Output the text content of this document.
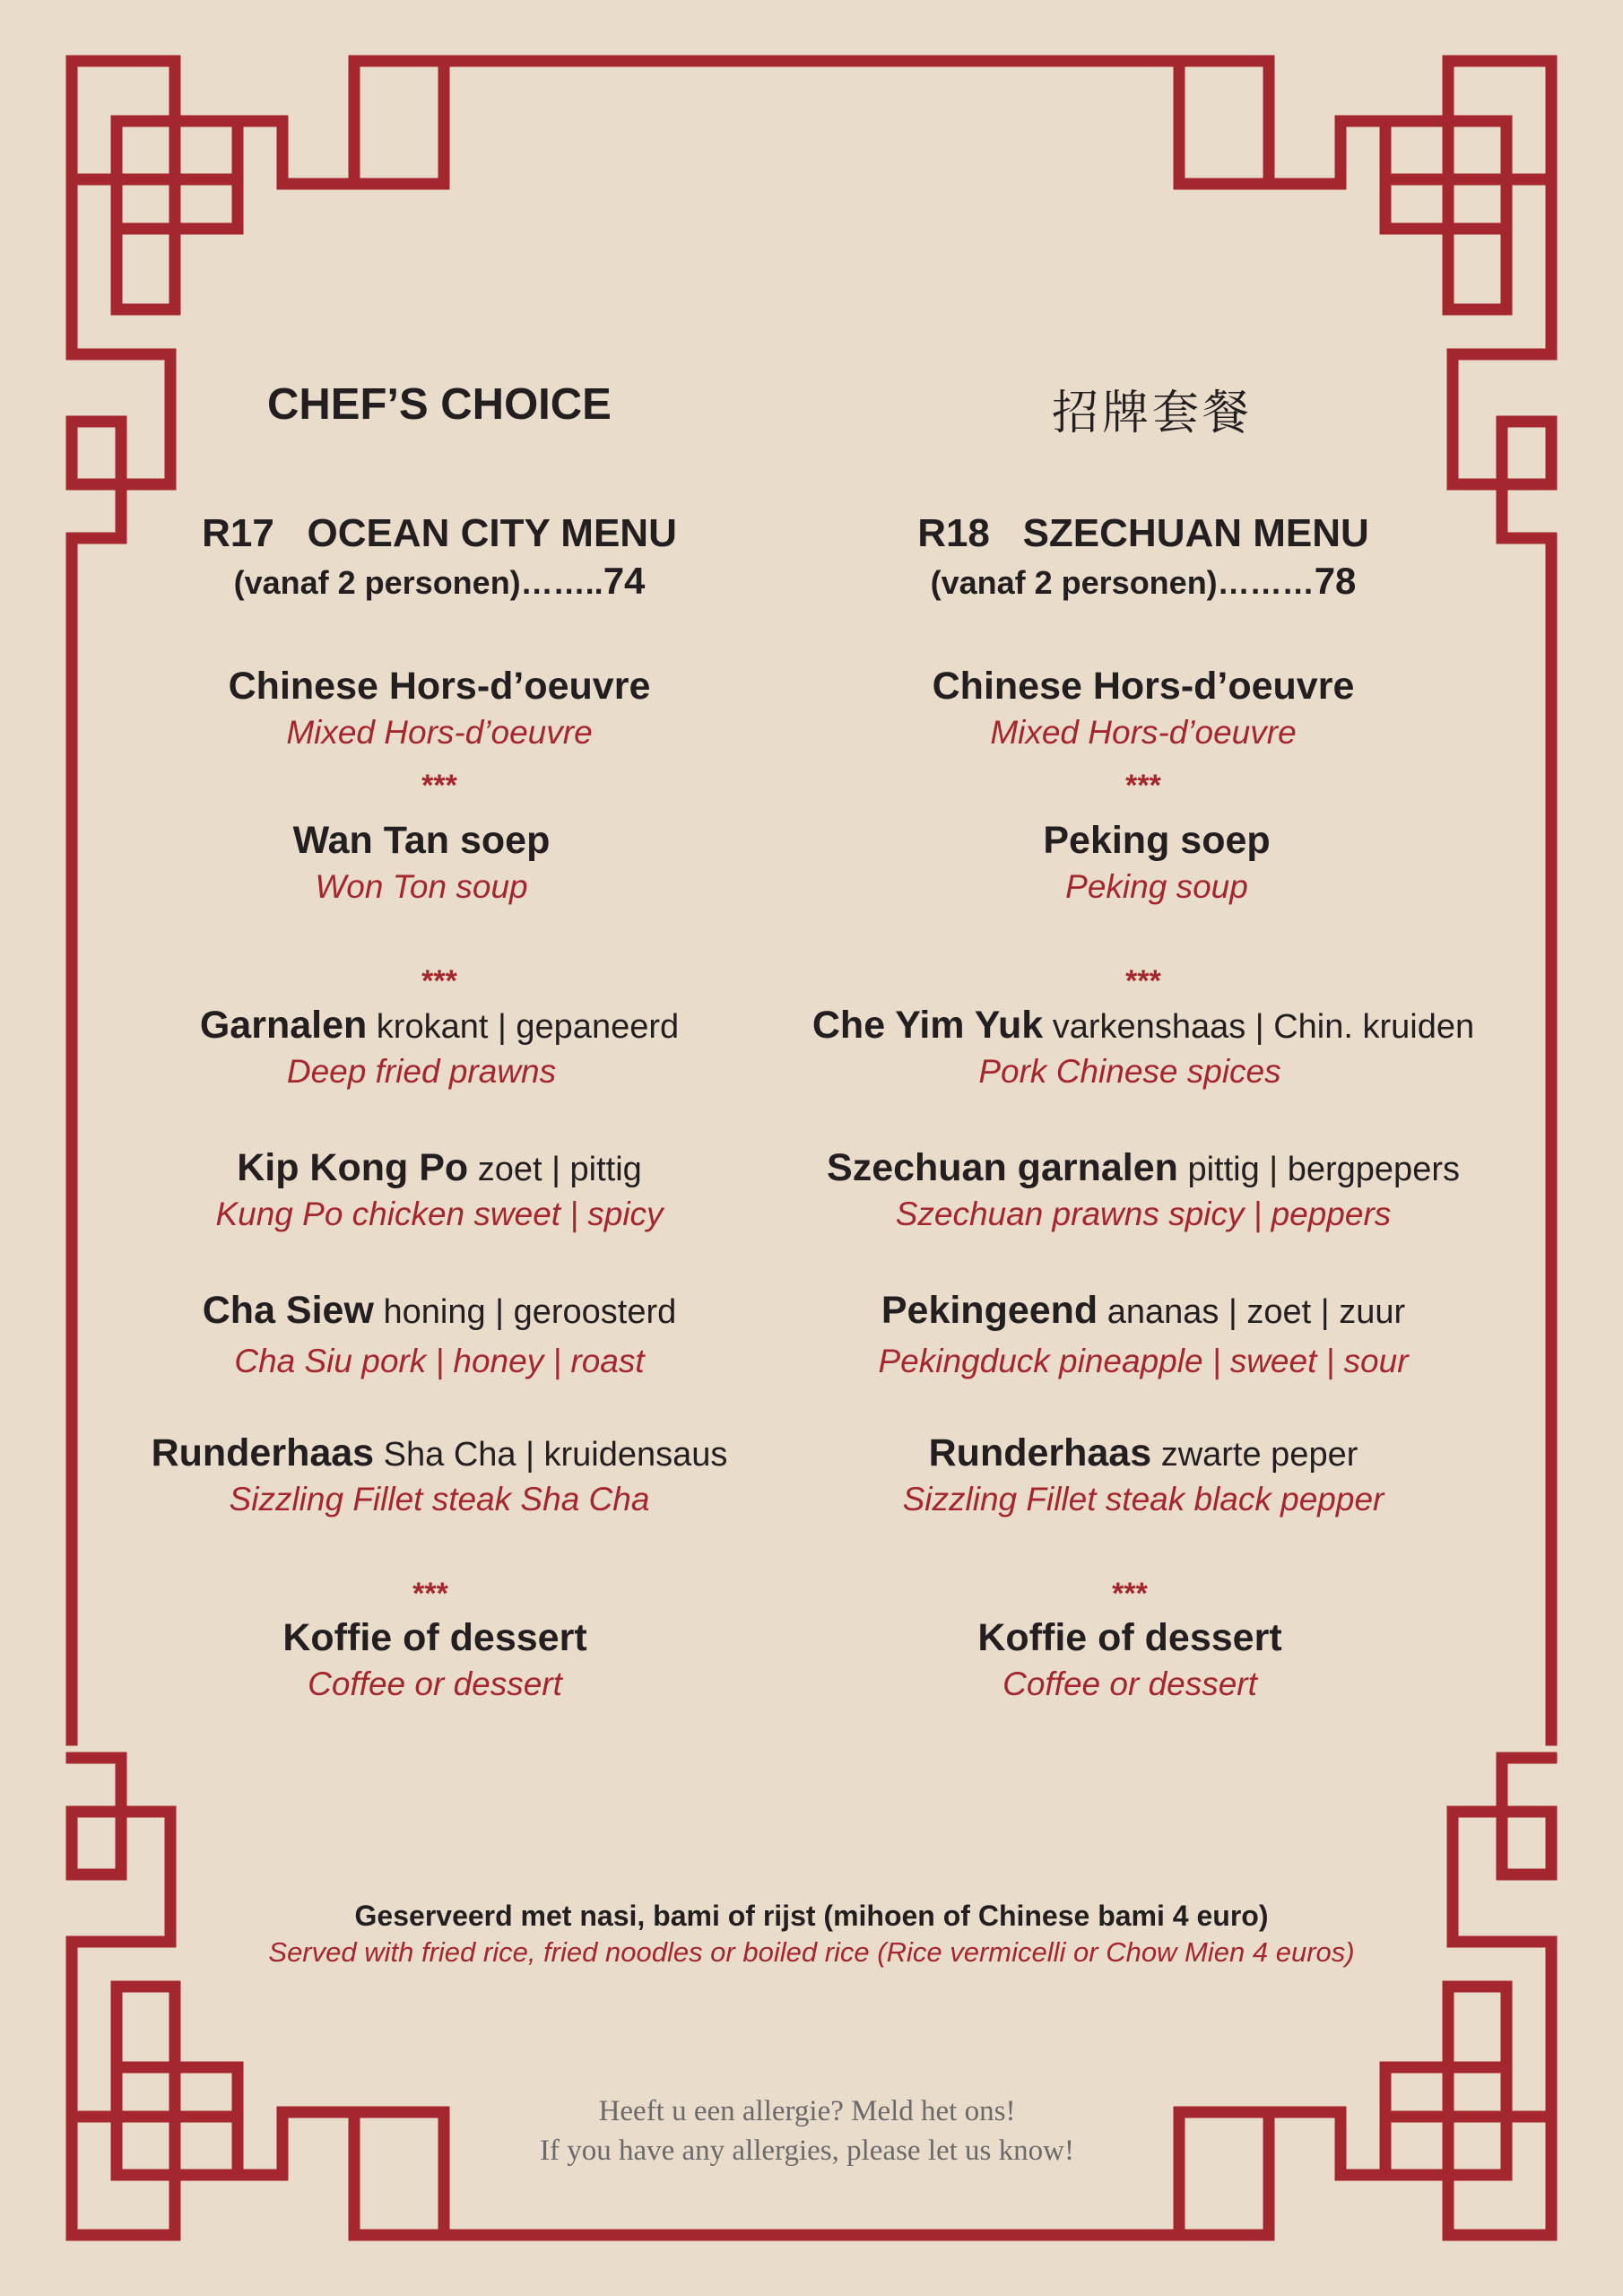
CHEF’S CHOICE	招牌套餐
R17   OCEAN CITY MENU
(vanaf 2 personen)……..74
R18   SZECHUAN MENU
(vanaf 2 personen)………78
Chinese Hors-d’oeuvre
Mixed Hors-d’oeuvre
***
Wan Tan soep
Won Ton soup
***
Garnalen krokant | gepaneerd
Deep fried prawns
Kip Kong Po zoet | pittig
Kung Po chicken sweet | spicy
Cha Siew honing | geroosterd
Cha Siu pork | honey | roast
Runderhaas Sha Cha | kruidensaus
Sizzling Fillet steak Sha Cha
***
Koffie of dessert
Coffee or dessert
Chinese Hors-d’oeuvre
Mixed Hors-d’oeuvre
***
Peking soep
Peking soup
***
Che Yim Yuk varkenshaas | Chin. kruiden
Pork Chinese spices
Szechuan garnalen pittig | bergpepers
Szechuan prawns spicy | peppers
Pekingeend ananas | zoet | zuur
Pekingduck pineapple | sweet | sour
Runderhaas zwarte peper
Sizzling Fillet steak black pepper
***
Koffie of dessert
Coffee or dessert
Geserveerd met nasi, bami of rijst (mihoen of Chinese bami 4 euro)
Served with fried rice, fried noodles or boiled rice (Rice vermicelli or Chow Mien 4 euros)
Heeft u een allergie? Meld het ons!
If you have any allergies, please let us know!
